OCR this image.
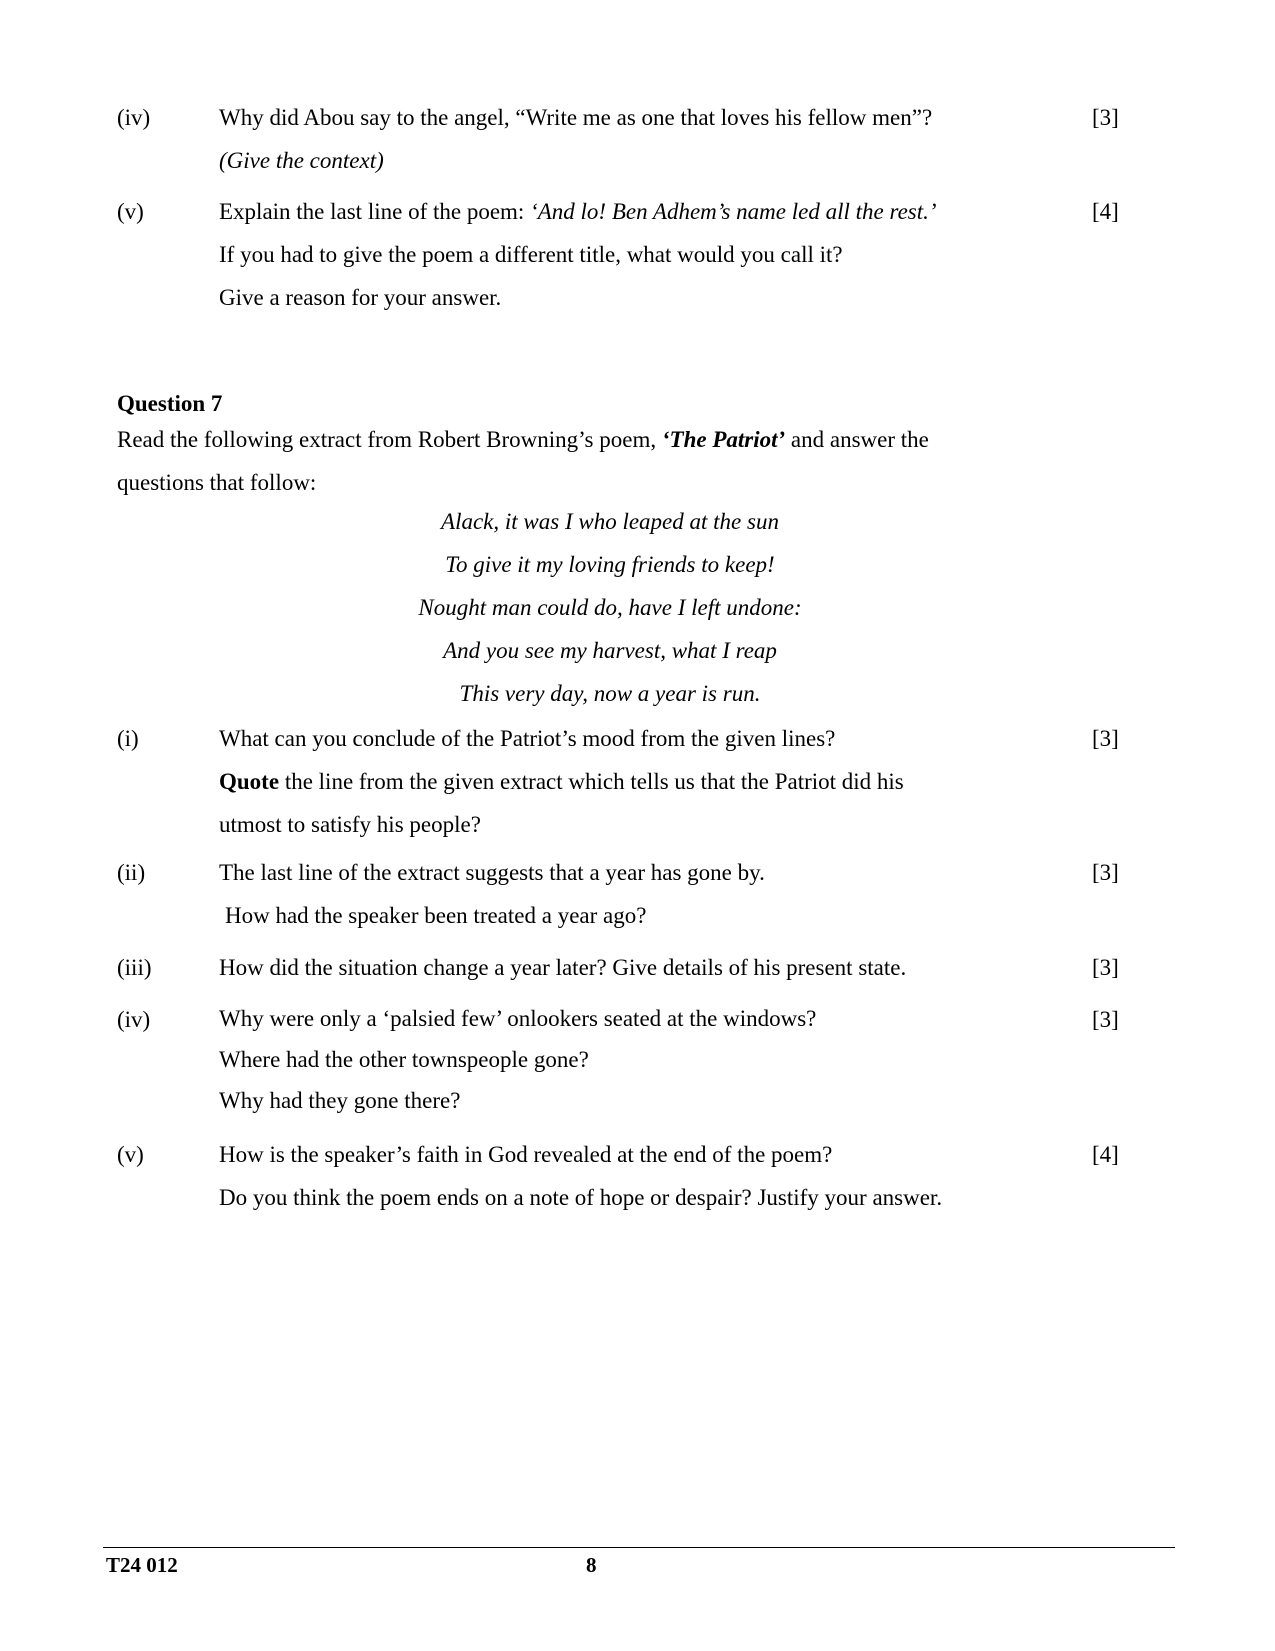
(iv)	Why did Abou say to the angel, “Write me as one that loves his fellow men”?
(Give the context)
[3]
(v)	Explain the last line of the poem: ‘And lo! Ben Adhem’s name led all the rest.’
If you had to give the poem a different title, what would you call it?
Give a reason for your answer.
[4]
Question 7
Read the following extract from Robert Browning’s poem, ‘The Patriot’ and answer the
questions that follow:
Alack, it was I who leaped at the sun
To give it my loving friends to keep!
Nought man could do, have I left undone:
And you see my harvest, what I reap
This very day, now a year is run.
(i)	What can you conclude of the Patriot’s mood from the given lines?
Quote the line from the given extract which tells us that the Patriot did his
utmost to satisfy his people?
[3]
(ii)	The last line of the extract suggests that a year has gone by.
How had the speaker been treated a year ago?
[3]
(iii)	How did the situation change a year later? Give details of his present state.	[3]
(iv)	Why were only a ‘palsied few’ onlookers seated at the windows?
Where had the other townspeople gone?
Why had they gone there?
[3]
(v)	How is the speaker’s faith in God revealed at the end of the poem?
Do you think the poem ends on a note of hope or despair? Justify your answer.
[4]
T24 012	8
